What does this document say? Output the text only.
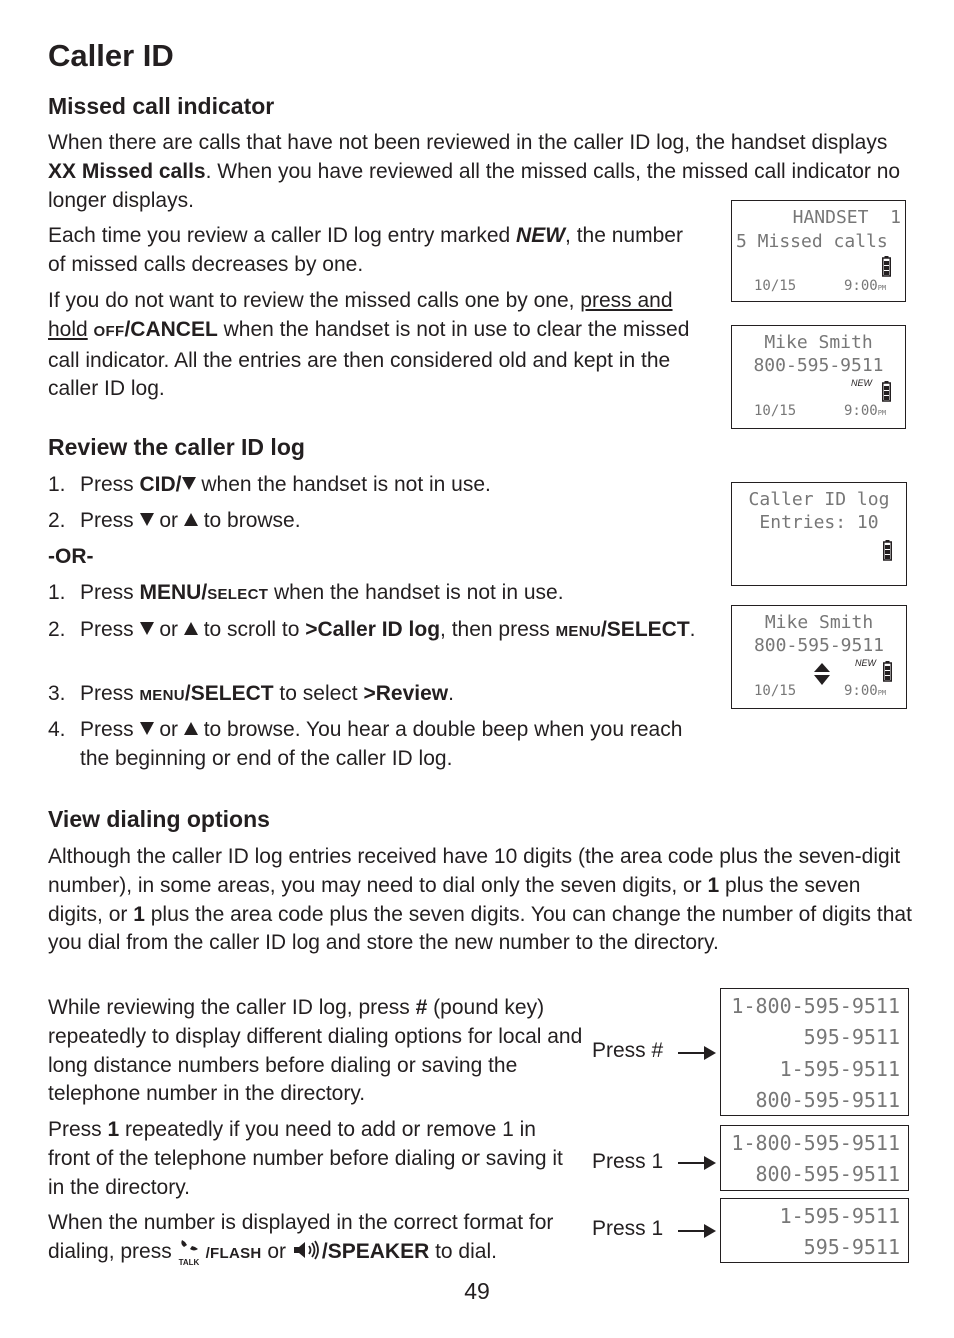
Caller ID
Missed call indicator

When there are calls that have not been reviewed in the caller ID log, the handset displays XX Missed calls. When you have reviewed all the missed calls, the missed call indicator no longer displays.

Each time you review a caller ID log entry marked NEW, the number of missed calls decreases by one.

If you do not want to review the missed calls one by one, press and hold OFF/CANCEL when the handset is not in use to clear the missed call indicator. All the entries are then considered old and kept in the caller ID log.

Review the caller ID log
1. Press CID/ when the handset is not in use.
2. Press  or  to browse.
-OR-
1. Press MENU/SELECT when the handset is not in use.
2. Press  or  to scroll to >Caller ID log, then press MENU/SELECT.
3. Press MENU/SELECT to select >Review.
4. Press  or  to browse. You hear a double beep when you reach the beginning or end of the caller ID log.
View dialing options

Although the caller ID log entries received have 10 digits (the area code plus the seven-digit number), in some areas, you may need to dial only the seven digits, or 1 plus the seven digits, or 1 plus the area code plus the seven digits. You can change the number of digits that you dial from the caller ID log and store the new number to the directory.

While reviewing the caller ID log, press # (pound key) repeatedly to display different dialing options for local and long distance numbers before dialing or saving the telephone number in the directory.

Press 1 repeatedly if you need to add or remove 1 in front of the telephone number before dialing or saving it in the directory.

When the number is displayed in the correct format for dialing, press TALK
/FLASH or /SPEAKER to dial.

HANDSET  1
5 Missed calls
10/15	9:00PM
Mike Smith
800-595-9511
NEW
10/15	9:00PM
Caller ID log
Entries: 10
Mike Smith
800-595-9511
NEW
10/15	9:00PM
Press #
1-800-595-9511
595-9511
1-595-9511
800-595-9511
Press 1
1-800-595-9511
800-595-9511
Press 1
1-595-9511
595-9511
49
